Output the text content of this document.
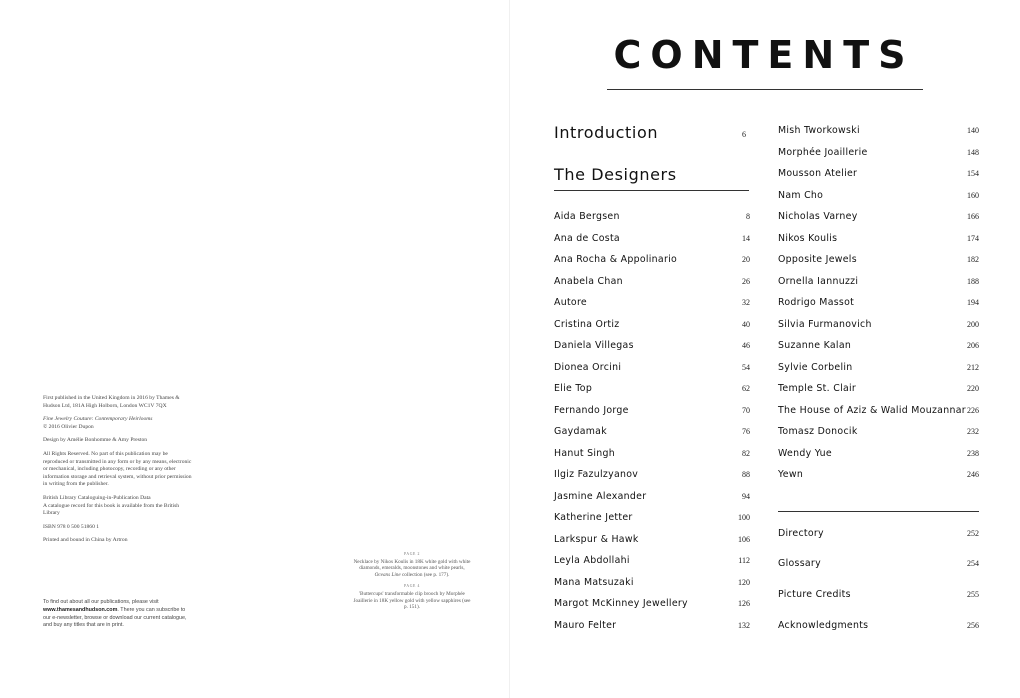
First published in the United Kingdom in 2016 by Thames & Hudson Ltd, 181A High Holborn, London WC1V 7QX

Fine Jewelry Couture: Contemporary Heirlooms
© 2016 Olivier Dupon

Design by Amélie Bonhomme & Amy Preston

All Rights Reserved. No part of this publication may be reproduced or transmitted in any form or by any means, electronic or mechanical, including photocopy, recording or any other information storage and retrieval system, without prior permission in writing from the publisher.

British Library Cataloguing-in-Publication Data
A catalogue record for this book is available from the British Library

ISBN 978 0 500 51860 1

Printed and bound in China by Artron

To find out about all our publications, please visit
www.thamesandhudson.com. There you can subscribe to our e-newsletter, browse or download our current catalogue, and buy any titles that are in print.
PAGE 2
Necklace by Nikos Koulis in 18K white gold with white diamonds, emeralds, moonstones and white pearls, Oceans Line collection (see p. 177).
PAGE 4
'Buttercups' transformable clip brooch by Morphée Joaillerie in 18K yellow gold with yellow sapphires (see p. 151).
CONTENTS
Introduction	6
The Designers
Aida Bergsen	8
Ana de Costa	14
Ana Rocha & Appolinario	20
Anabela Chan	26
Autore	32
Cristina Ortiz	40
Daniela Villegas	46
Dionea Orcini	54
Elie Top	62
Fernando Jorge	70
Gaydamak	76
Hanut Singh	82
Ilgiz Fazulzyanov	88
Jasmine Alexander	94
Katherine Jetter	100
Larkspur & Hawk	106
Leyla Abdollahi	112
Mana Matsuzaki	120
Margot McKinney Jewellery	126
Mauro Felter	132
Mish Tworkowski	140
Morphée Joaillerie	148
Mousson Atelier	154
Nam Cho	160
Nicholas Varney	166
Nikos Koulis	174
Opposite Jewels	182
Ornella Iannuzzi	188
Rodrigo Massot	194
Silvia Furmanovich	200
Suzanne Kalan	206
Sylvie Corbelin	212
Temple St. Clair	220
The House of Aziz & Walid Mouzannar 226
Tomasz Donocik	232
Wendy Yue	238
Yewn	246
Directory	252
Glossary	254
Picture Credits	255
Acknowledgments	256
